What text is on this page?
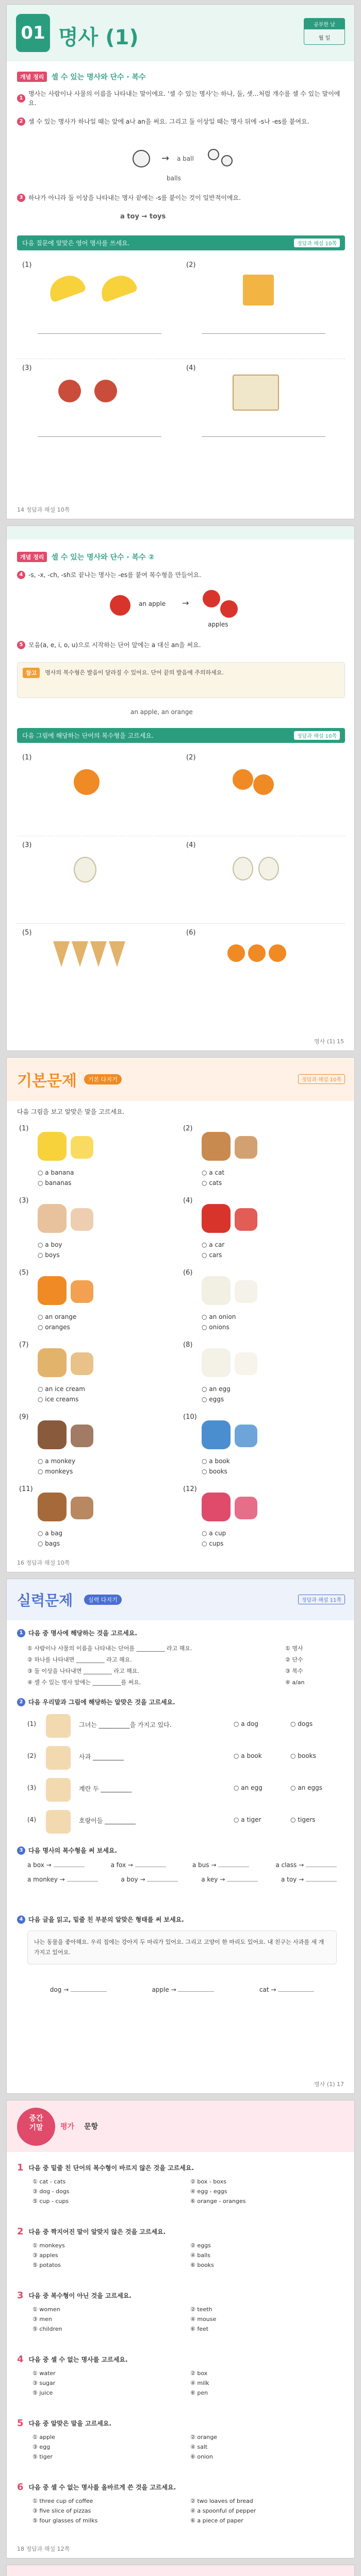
01 명사 (1)
공부한 날
월 일
개념 정리	셀 수 있는 명사와 단수 · 복수
1
명사는 사람이나 사물의 이름을 나타내는 말이에요. '셀 수 있는 명사'는 하나, 둘, 셋...처럼 개수를 셀 수 있는 말이에요.
2 셀 수 있는 명사가 하나일 때는 앞에 a나 an을 써요. 그리고 둘 이상일 때는 명사 뒤에 -s나 -es를 붙여요.
→ a ball
balls
3 하나가 아니라 둘 이상을 나타내는 명사 끝에는 -s를 붙이는 것이 일반적이에요.
a toy → toys
다음 질문에 알맞은 영어 명사를 쓰세요.	정답과 해설 10쪽
(1)	(2)
(3)	(4)
14 정답과 해설 10쪽
개념 정리	셀 수 있는 명사와 단수 · 복수 ②
4 -s, -x, -ch, -sh로 끝나는 명사는 -es를 붙여 복수형을 만들어요.
an apple →
apples
5 모음(a, e, i, o, u)으로 시작하는 단어 앞에는 a 대신 an을 써요.
참고	명사의 복수형은 발음이 달라질 수 있어요. 단어 끝의 발음에 주의하세요.
an apple, an orange
다음 그림에 해당하는 단어의 복수형을 고르세요.	정답과 해설 10쪽
(1)	(2)
(3)	(4)
(5)	(6)
명사 (1) 15
기본문제	기본 다지기	정답과 해설 10쪽
다음 그림을 보고 알맞은 말을 고르세요.
(1)
○ a banana
○ bananas
(2)
○ a cat
○ cats
(3)
○ a boy
○ boys
(4)
○ a car
○ cars
(5)
○ an orange
○ oranges
(6)
○ an onion
○ onions
(7)
○ an ice cream
○ ice creams
(8)
○ an egg
○ eggs
(9)
○ a monkey
○ monkeys
(10)
○ a book
○ books
(11)
○ a bag
○ bags
(12)
○ a cup
○ cups
16 정답과 해설 10쪽
실력문제	실력 다지기	정답과 해설 11쪽
1 다음 중 명사에 해당하는 것을 고르세요.
① 사람이나 사물의 이름을 나타내는 단어를 __________ 라고 해요.
② 하나를 나타내면 __________ 라고 해요.
③ 둘 이상을 나타내면 __________ 라고 해요.
④ 셀 수 있는 명사 앞에는 __________를 써요.
① 명사
② 단수
③ 복수
④ a/an
2 다음 우리말과 그림에 해당하는 알맞은 것을 고르세요.
(1)	그녀는 __________을 가지고 있다.	○ a dog	○ dogs
(2)	사과 __________	○ a book	○ books
(3)	계란 두 __________	○ an egg	○ an eggs
(4)	호랑이들 __________	○ a tiger	○ tigers
3 다음 명사의 복수형을 써 보세요.
a box →	a fox →	a bus →	a class →
a monkey →	a boy →	a key →	a toy →
4 다음 글을 읽고, 밑줄 친 부분의 알맞은 형태를 써 보세요.
나는 동물을 좋아해요. 우리 집에는 강아지 두 마리가 있어요. 그리고 고양이 한 마리도 있어요. 내 친구는 사과를 세 개 가지고 있어요.
dog →	apple →	cat →
명사 (1) 17
중간
기말	평가 문항
1 다음 중 밑줄 친 단어의 복수형이 바르지 않은 것을 고르세요.
① cat - cats	② box - boxs
③ dog - dogs	④ egg - eggs
⑤ cup - cups	⑥ orange - oranges
2 다음 중 짝지어진 말이 알맞지 않은 것을 고르세요.
① monkeys	② eggs
③ apples	④ balls
⑤ potatos	⑥ books
3 다음 중 복수형이 아닌 것을 고르세요.
① women	② teeth
③ men	④ mouse
⑤ children	⑥ feet
4 다음 중 셀 수 없는 명사를 고르세요.
① water	② box
③ sugar	④ milk
⑤ juice	⑥ pen
5 다음 중 알맞은 말을 고르세요.
① apple	② orange
③ egg	④ salt
⑤ tiger	⑥ onion
6 다음 중 셀 수 없는 명사를 올바르게 쓴 것을 고르세요.
① three cup of coffee	② two loaves of bread
③ five slice of pizzas	④ a spoonful of pepper
⑤ four glasses of milks	⑥ a piece of paper
18 정답과 해설 12쪽
